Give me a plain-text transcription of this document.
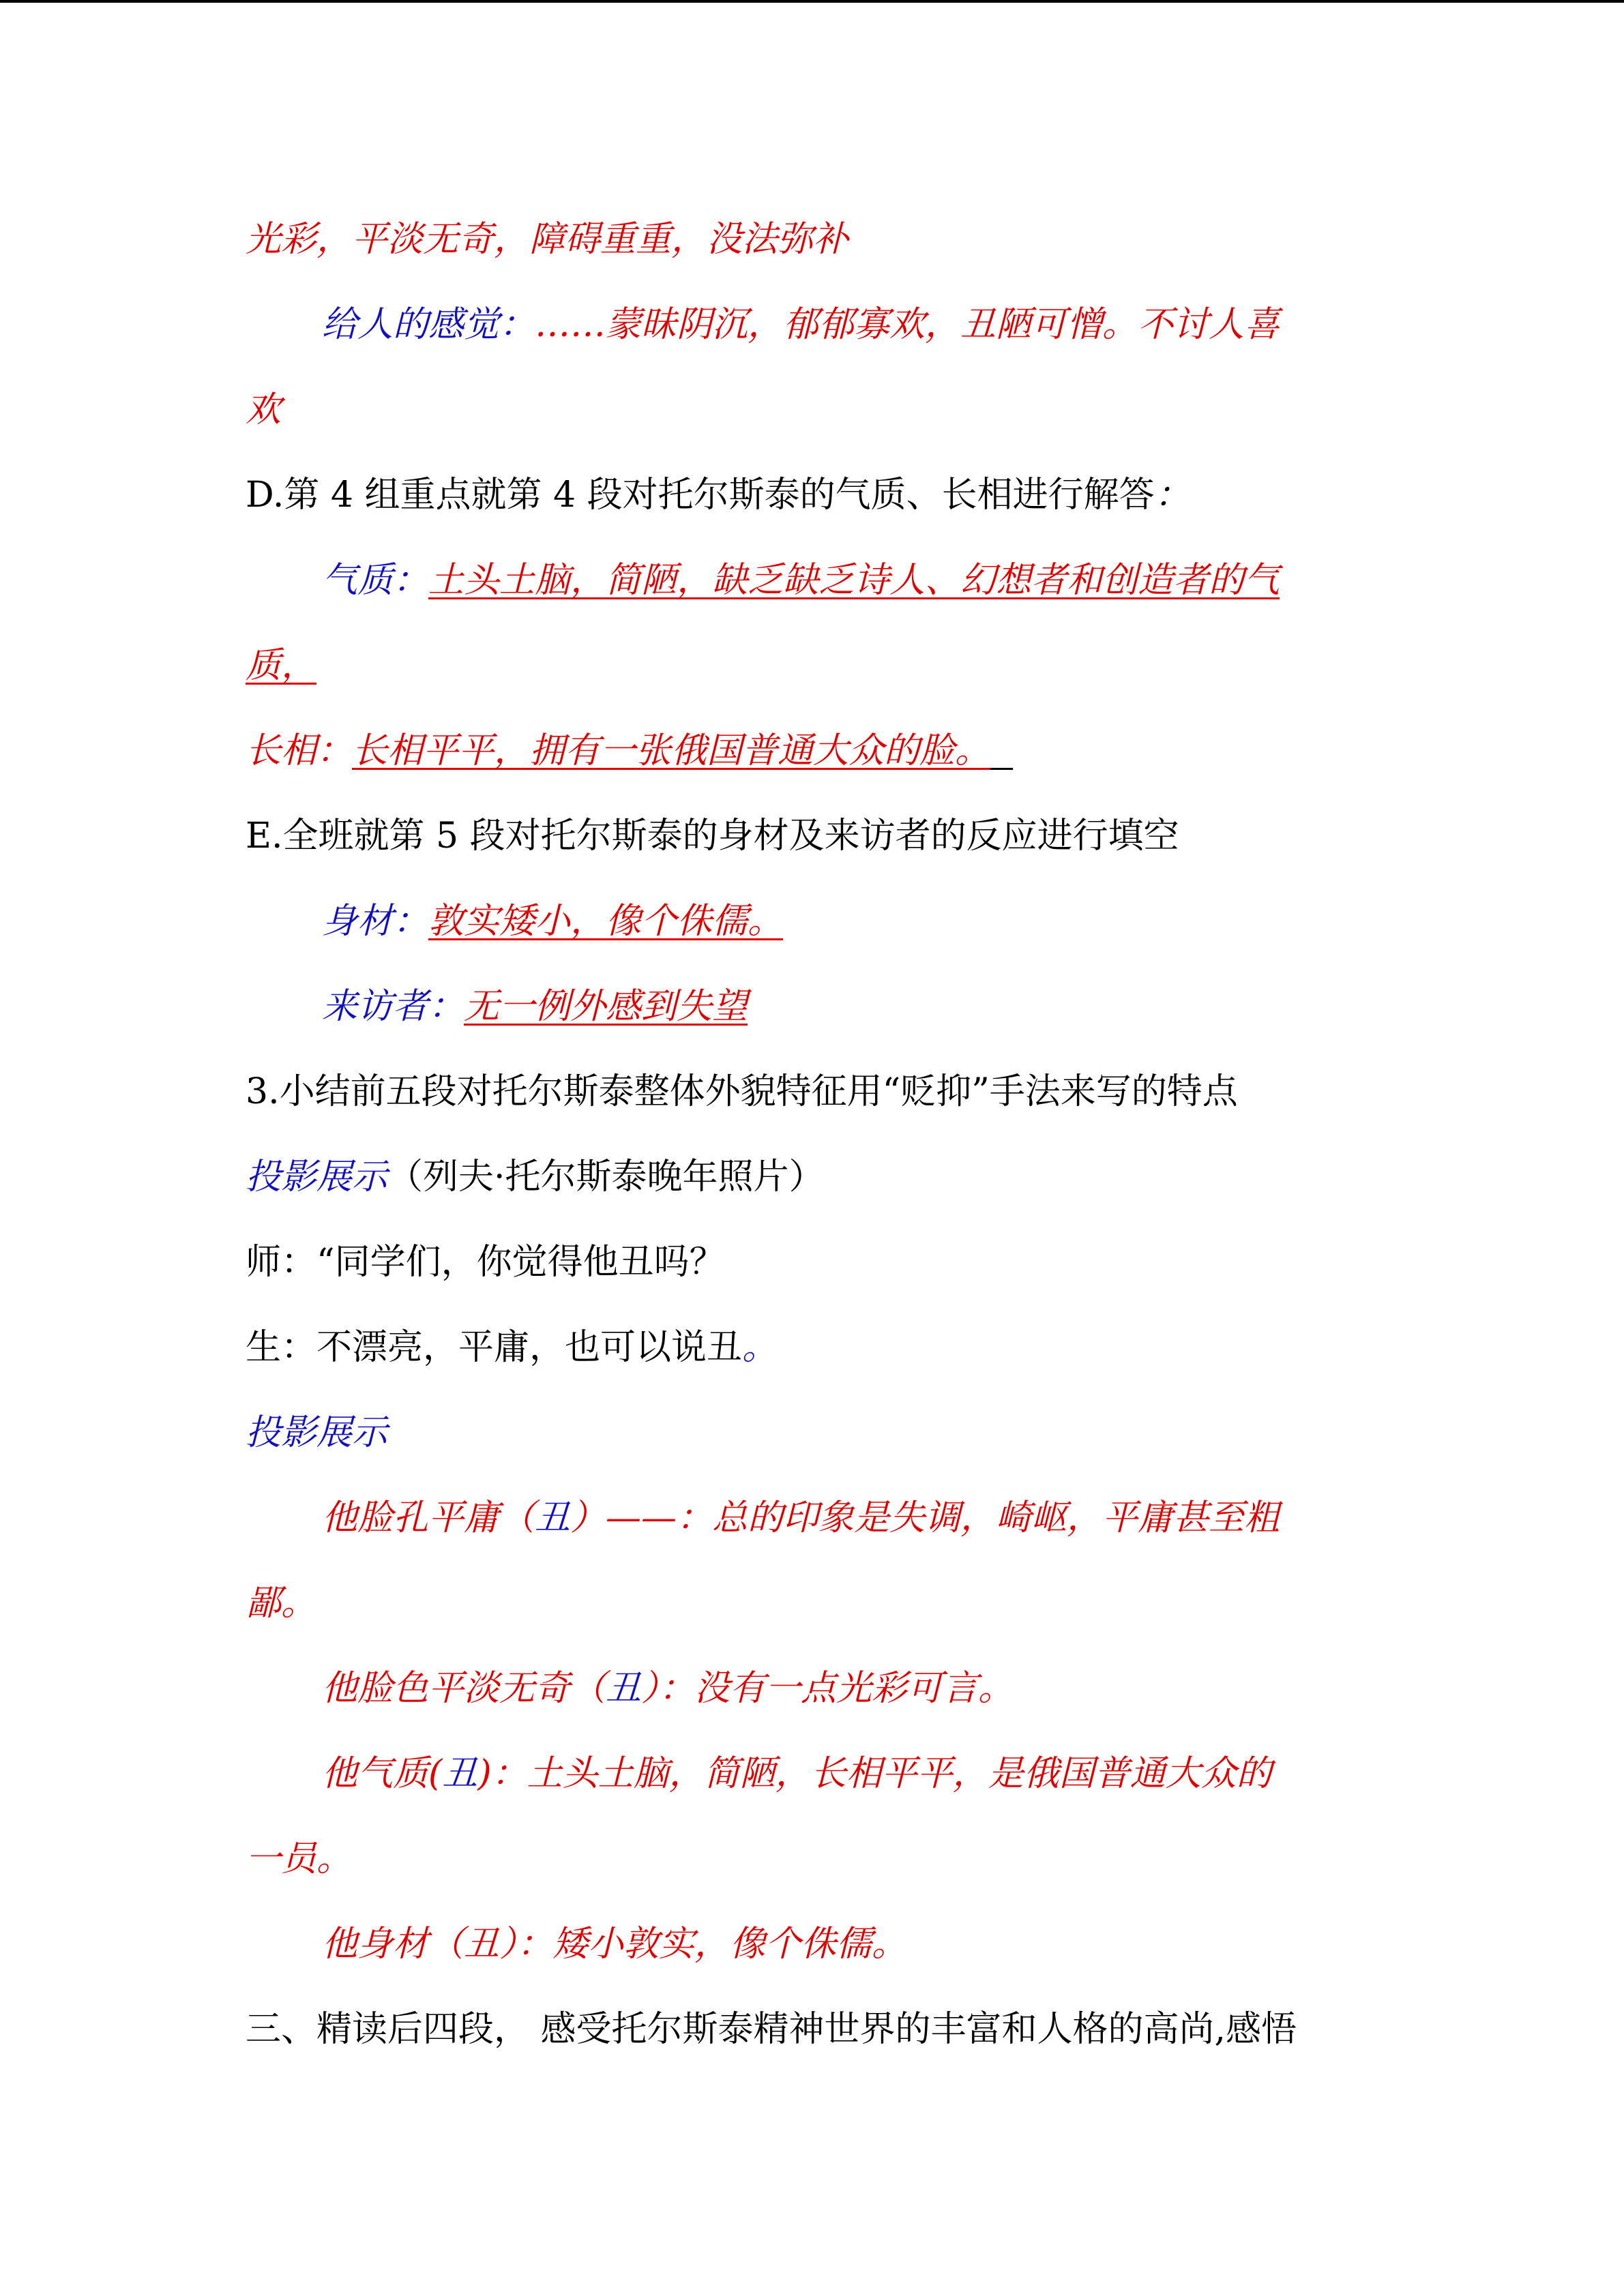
光彩，平淡无奇，障碍重重，没法弥补
给人的感觉：……蒙昧阴沉，郁郁寡欢，丑陋可憎。不讨人喜
欢
D.第 4 组重点就第 4 段对托尔斯泰的气质、长相进行解答：
气质：土头土脑，简陋，缺乏缺乏诗人、幻想者和创造者的气
质，
长相：长相平平，拥有一张俄国普通大众的脸。
E.全班就第 5 段对托尔斯泰的身材及来访者的反应进行填空
身材：敦实矮小，像个侏儒。
来访者：无一例外感到失望
3.小结前五段对托尔斯泰整体外貌特征用“贬抑”手法来写的特点
投影展示（列夫·托尔斯泰晚年照片）
师：“同学们，你觉得他丑吗？
生：不漂亮，平庸，也可以说丑。
投影展示
他脸孔平庸（丑）——：总的印象是失调，崎岖，平庸甚至粗
鄙。
他脸色平淡无奇（丑）：没有一点光彩可言。
他气质(丑)：土头土脑，简陋，长相平平，是俄国普通大众的
一员。
他身材（丑）：矮小敦实，像个侏儒。
三、精读后四段， 感受托尔斯泰精神世界的丰富和人格的高尚,感悟
